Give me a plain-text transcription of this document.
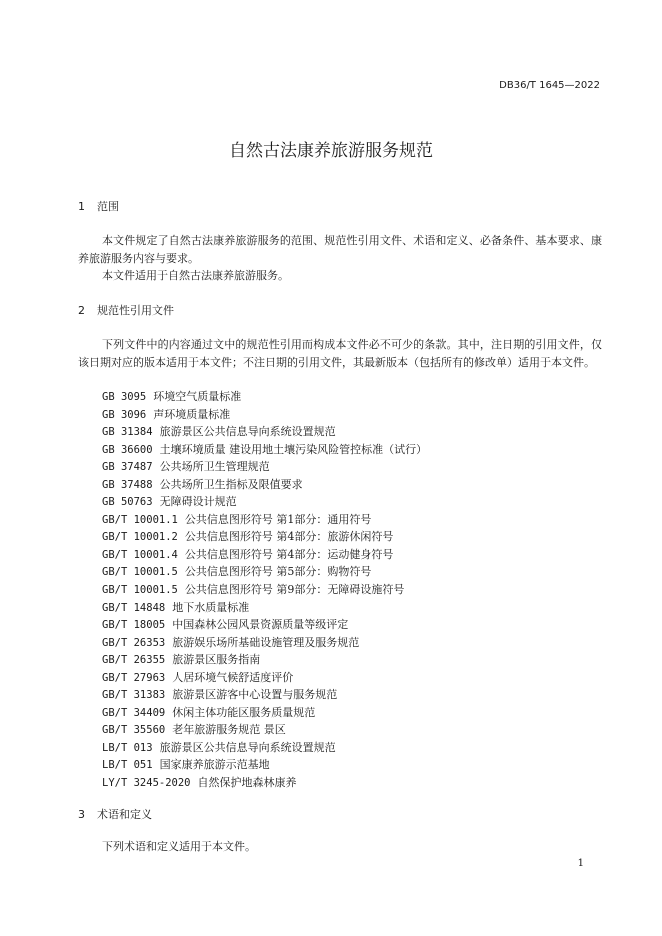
DB36/T 1645—2022
自然古法康养旅游服务规范
1 范围
本文件规定了自然古法康养旅游服务的范围、规范性引用文件、术语和定义、必备条件、基本要求、康养旅游服务内容与要求。
本文件适用于自然古法康养旅游服务。
2 规范性引用文件
下列文件中的内容通过文中的规范性引用而构成本文件必不可少的条款。其中，注日期的引用文件，仅该日期对应的版本适用于本文件；不注日期的引用文件，其最新版本（包括所有的修改单）适用于本文件。
GB 3095 环境空气质量标准
GB 3096 声环境质量标准
GB 31384 旅游景区公共信息导向系统设置规范
GB 36600 土壤环境质量 建设用地土壤污染风险管控标准（试行）
GB 37487 公共场所卫生管理规范
GB 37488 公共场所卫生指标及限值要求
GB 50763 无障碍设计规范
GB/T 10001.1 公共信息图形符号 第1部分：通用符号
GB/T 10001.2 公共信息图形符号 第4部分：旅游休闲符号
GB/T 10001.4 公共信息图形符号 第4部分：运动健身符号
GB/T 10001.5 公共信息图形符号 第5部分：购物符号
GB/T 10001.5 公共信息图形符号 第9部分：无障碍设施符号
GB/T 14848 地下水质量标准
GB/T 18005 中国森林公园风景资源质量等级评定
GB/T 26353 旅游娱乐场所基础设施管理及服务规范
GB/T 26355 旅游景区服务指南
GB/T 27963 人居环境气候舒适度评价
GB/T 31383 旅游景区游客中心设置与服务规范
GB/T 34409 休闲主体功能区服务质量规范
GB/T 35560 老年旅游服务规范 景区
LB/T 013 旅游景区公共信息导向系统设置规范
LB/T 051 国家康养旅游示范基地
LY/T 3245-2020 自然保护地森林康养
3 术语和定义
下列术语和定义适用于本文件。
1
